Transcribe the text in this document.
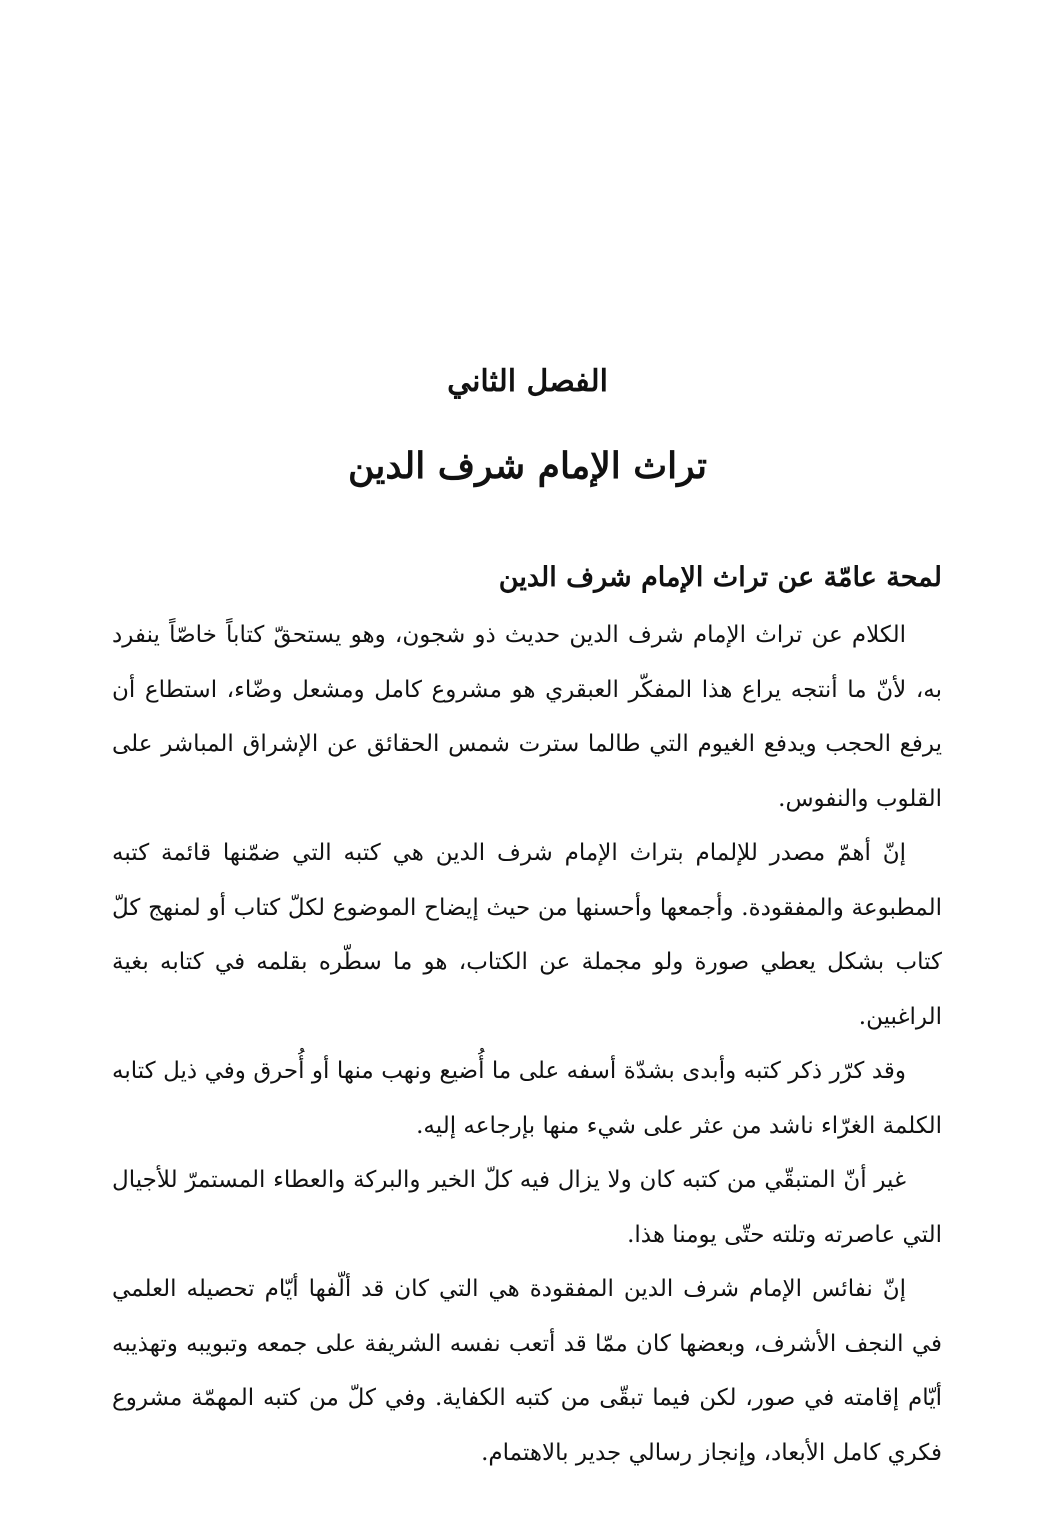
الفصل الثاني
تراث الإمام شرف الدين
لمحة عامّة عن تراث الإمام شرف الدين

الكلام عن تراث الإمام شرف الدين حديث ذو شجون، وهو يستحقّ كتاباً خاصّاً ينفرد به، لأنّ ما أنتجه يراع هذا المفكّر العبقري هو مشروع كامل ومشعل وضّاء، استطاع أن يرفع الحجب ويدفع الغيوم التي طالما سترت شمس الحقائق عن الإشراق المباشر على القلوب والنفوس.

إنّ أهمّ مصدر للإلمام بتراث الإمام شرف الدين هي كتبه التي ضمّنها قائمة كتبه المطبوعة والمفقودة. وأجمعها وأحسنها من حيث إيضاح الموضوع لكلّ كتاب أو لمنهج كلّ كتاب بشكل يعطي صورة ولو مجملة عن الكتاب، هو ما سطّره بقلمه في كتابه بغية الراغبين.

وقد كرّر ذكر كتبه وأبدى بشدّة أسفه على ما أُضيع ونهب منها أو أُحرق وفي ذيل كتابه الكلمة الغرّاء ناشد من عثر على شيء منها بإرجاعه إليه.

غير أنّ المتبقّي من كتبه كان ولا يزال فيه كلّ الخير والبركة والعطاء المستمرّ للأجيال التي عاصرته وتلته حتّى يومنا هذا.

إنّ نفائس الإمام شرف الدين المفقودة هي التي كان قد ألّفها أيّام تحصيله العلمي في النجف الأشرف، وبعضها كان ممّا قد أتعب نفسه الشريفة على جمعه وتبويبه وتهذيبه أيّام إقامته في صور، لكن فيما تبقّى من كتبه الكفاية. وفي كلّ من كتبه المهمّة مشروع فكري كامل الأبعاد، وإنجاز رسالي جدير بالاهتمام.
